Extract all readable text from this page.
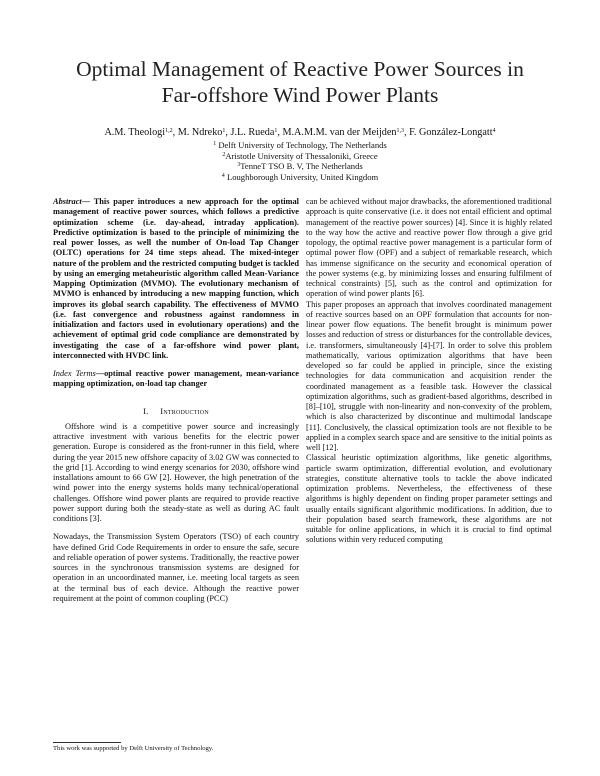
Optimal Management of Reactive Power Sources in
Far-offshore Wind Power Plants
A.M. Theologi$^{1,2}$, M. Ndreko$^1$, J.L. Rueda$^1$, M.A.M.M. van der Meijden$^{1,3}$, F. González-Longatt$^4$
$^1$ Delft University of Technology, The Netherlands
$^2$Aristotle University of Thessaloniki, Greece
$^3$TenneT TSO B. V, The Netherlands
$^4$ Loughborough University, United Kingdom

Abstract— This paper introduces a new approach for the optimal management of reactive power sources, which follows a predictive optimization scheme (i.e. day-ahead, intraday application). Predictive optimization is based to the principle of minimizing the real power losses, as well the number of On-load Tap Changer (OLTC) operations for 24 time steps ahead. The mixed-integer nature of the problem and the restricted computing budget is tackled by using an emerging metaheuristic algorithm called Mean-Variance Mapping Optimization (MVMO). The evolutionary mechanism of MVMO is enhanced by introducing a new mapping function, which improves its global search capability. The effectiveness of MVMO (i.e. fast convergence and robustness against randomness in initialization and factors used in evolutionary operations) and the achievement of optimal grid code compliance are demonstrated by investigating the case of a far-offshore wind power plant, interconnected with HVDC link.

Index Terms—optimal reactive power management, mean-variance mapping optimization, on-load tap changer

I. Introduction

Offshore wind is a competitive power source and increasingly attractive investment with various benefits for the electric power generation. Europe is considered as the front-runner in this field, where during the year 2015 new offshore capacity of 3.02 GW was connected to the grid [1]. According to wind energy scenarios for 2030, offshore wind installations amount to 66 GW [2]. However, the high penetration of the wind power into the energy systems holds many technical/operational challenges. Offshore wind power plants are required to provide reactive power support during both the steady-state as well as during AC fault conditions [3].

Nowadays, the Transmission System Operators (TSO) of each country have defined Grid Code Requirements in order to ensure the safe, secure and reliable operation of power systems. Traditionally, the reactive power sources in the synchronous transmission systems are designed for operation in an uncoordinated manner, i.e. meeting local targets as seen at the terminal bus of each device. Although the reactive power requirement at the point of common coupling (PCC)

can be achieved without major drawbacks, the aforementioned traditional approach is quite conservative (i.e. it does not entail efficient and optimal management of the reactive power sources) [4]. Since it is highly related to the way how the active and reactive power flow through a give grid topology, the optimal reactive power management is a particular form of optimal power flow (OPF) and a subject of remarkable research, which has immense significance on the security and economical operation of the power systems (e.g. by minimizing losses and ensuring fulfilment of technical constraints) [5], such as the control and optimization for operation of wind power plants [6].

This paper proposes an approach that involves coordinated management of reactive sources based on an OPF formulation that accounts for non-linear power flow equations. The benefit brought is minimum power losses and reduction of stress or disturbances for the controllable devices, i.e. transformers, simultaneously [4]-[7]. In order to solve this problem mathematically, various optimization algorithms that have been developed so far could be applied in principle, since the existing technologies for data communication and acquisition render the coordinated management as a feasible task. However the classical optimization algorithms, such as gradient-based algorithms, described in [8]–[10], struggle with non-linearity and non-convexity of the problem, which is also characterized by discontinue and multimodal landscape [11]. Conclusively, the classical optimization tools are not flexible to be applied in a complex search space and are sensitive to the initial points as well [12].

Classical heuristic optimization algorithms, like genetic algorithms, particle swarm optimization, differential evolution, and evolutionary strategies, constitute alternative tools to tackle the above indicated optimization problems. Nevertheless, the effectiveness of these algorithms is highly dependent on finding proper parameter settings and usually entails significant algorithmic modifications. In addition, due to their population based search framework, these algorithms are not suitable for online applications, in which it is crucial to find optimal solutions within very reduced computing

This work was supported by Delft University of Technology.
